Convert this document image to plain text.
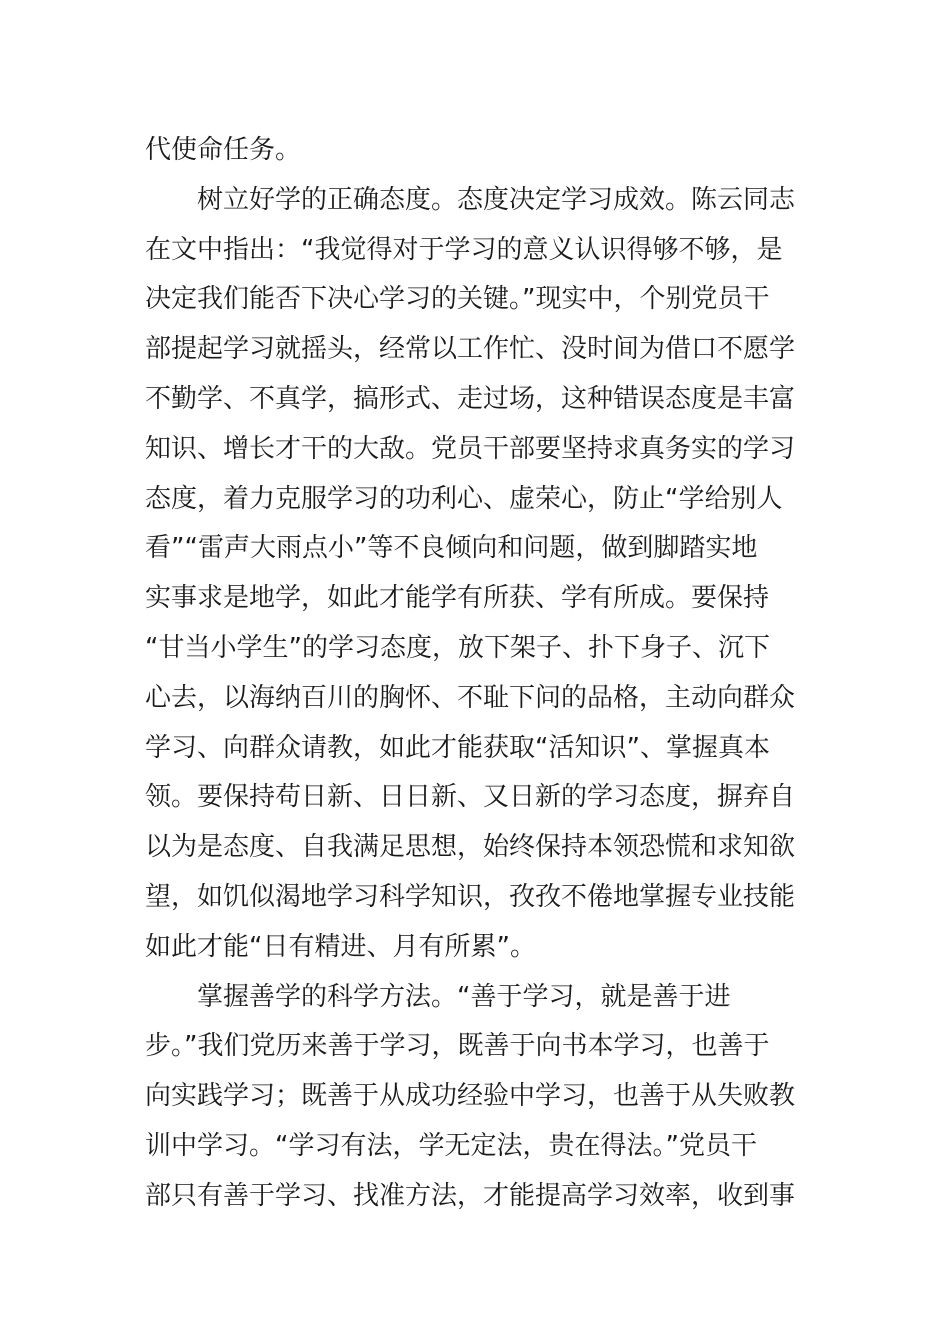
代使命任务。
树立好学的正确态度。态度决定学习成效。陈云同志
在文中指出：“我觉得对于学习的意义认识得够不够，是
决定我们能否下决心学习的关键。”现实中，个别党员干
部提起学习就摇头，经常以工作忙、没时间为借口不愿学
不勤学、不真学，搞形式、走过场，这种错误态度是丰富
知识、增长才干的大敌。党员干部要坚持求真务实的学习
态度，着力克服学习的功利心、虚荣心，防止“学给别人
看”“雷声大雨点小”等不良倾向和问题，做到脚踏实地
实事求是地学，如此才能学有所获、学有所成。要保持
“甘当小学生”的学习态度，放下架子、扑下身子、沉下
心去，以海纳百川的胸怀、不耻下问的品格，主动向群众
学习、向群众请教，如此才能获取“活知识”、掌握真本
领。要保持苟日新、日日新、又日新的学习态度，摒弃自
以为是态度、自我满足思想，始终保持本领恐慌和求知欲
望，如饥似渴地学习科学知识，孜孜不倦地掌握专业技能
如此才能“日有精进、月有所累”。
掌握善学的科学方法。“善于学习，就是善于进
步。”我们党历来善于学习，既善于向书本学习，也善于
向实践学习；既善于从成功经验中学习，也善于从失败教
训中学习。“学习有法，学无定法，贵在得法。”党员干
部只有善于学习、找准方法，才能提高学习效率，收到事
